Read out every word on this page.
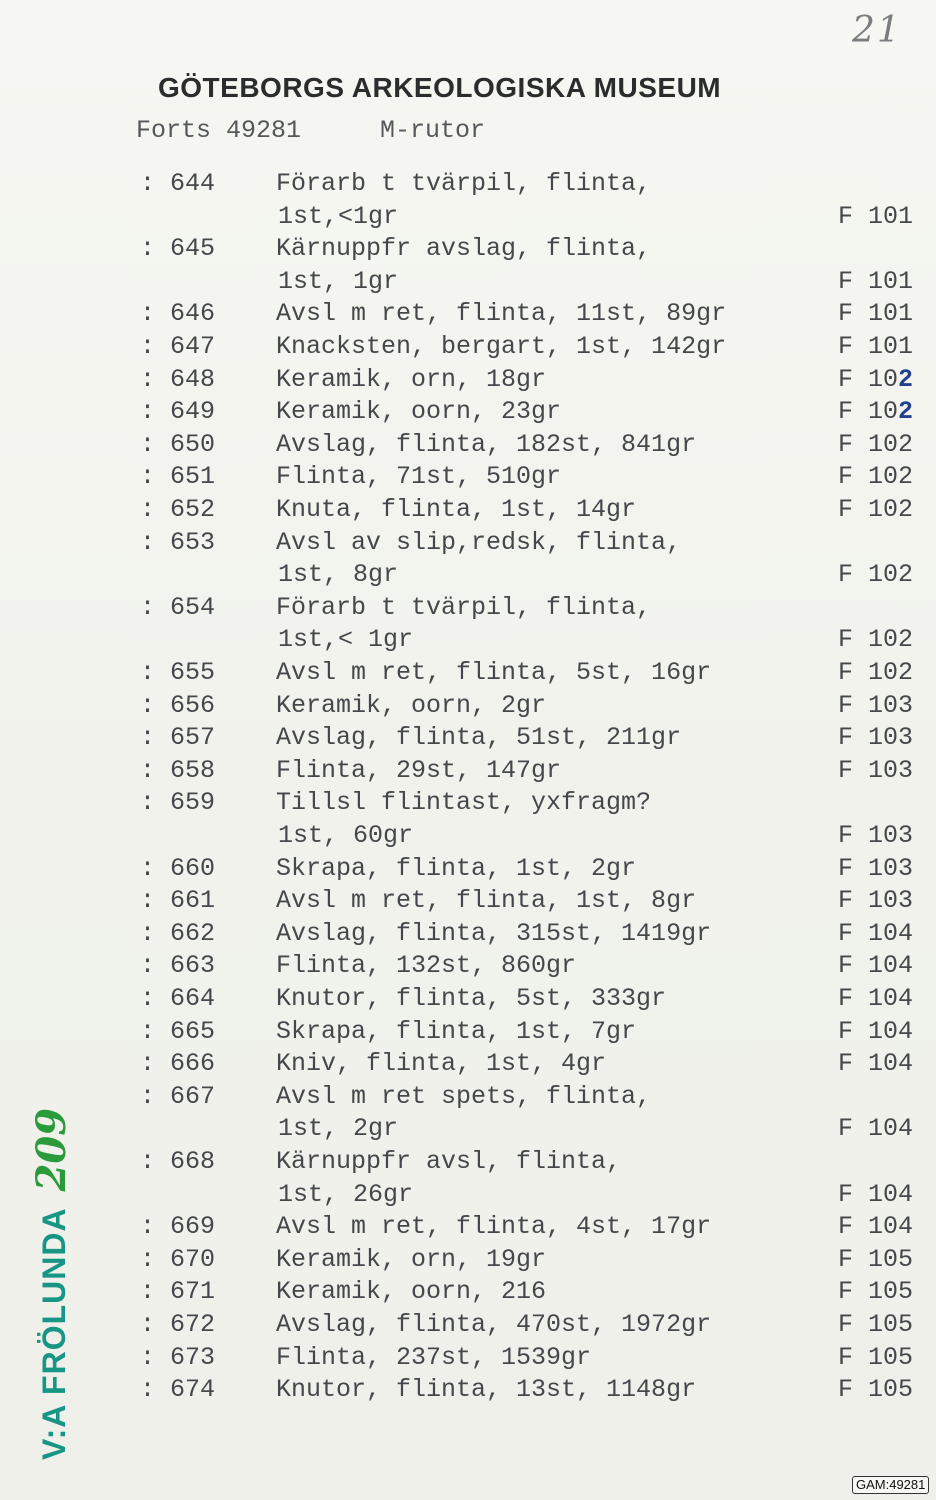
21
GÖTEBORGS ARKEOLOGISKA MUSEUM
Forts 49281	M-rutor
: 644 Förarb t tvärpil, flinta,
1st,<1gr	F 101
: 645 Kärnuppfr avslag, flinta,
1st, 1gr	F 101
: 646 Avsl m ret, flinta, 11st, 89gr	F 101
: 647 Knacksten, bergart, 1st, 142gr	F 101
: 648 Keramik, orn, 18gr	F 102
: 649 Keramik, oorn, 23gr	F 102
: 650 Avslag, flinta, 182st, 841gr	F 102
: 651 Flinta, 71st, 510gr	F 102
: 652 Knuta, flinta, 1st, 14gr	F 102
: 653 Avsl av slip,redsk, flinta,
1st, 8gr	F 102
: 654 Förarb t tvärpil, flinta,
1st,< 1gr	F 102
: 655 Avsl m ret, flinta, 5st, 16gr	F 102
: 656 Keramik, oorn, 2gr	F 103
: 657 Avslag, flinta, 51st, 211gr	F 103
: 658 Flinta, 29st, 147gr	F 103
: 659 Tillsl flintast, yxfragm?
1st, 60gr	F 103
: 660 Skrapa, flinta, 1st, 2gr	F 103
: 661 Avsl m ret, flinta, 1st, 8gr	F 103
: 662 Avslag, flinta, 315st, 1419gr	F 104
: 663 Flinta, 132st, 860gr	F 104
: 664 Knutor, flinta, 5st, 333gr	F 104
: 665 Skrapa, flinta, 1st, 7gr	F 104
: 666 Kniv, flinta, 1st, 4gr	F 104
: 667 Avsl m ret spets, flinta,
1st, 2gr	F 104
: 668 Kärnuppfr avsl, flinta,
1st, 26gr	F 104
: 669 Avsl m ret, flinta, 4st, 17gr	F 104
: 670 Keramik, orn, 19gr	F 105
: 671 Keramik, oorn, 216	F 105
: 672 Avslag, flinta, 470st, 1972gr	F 105
: 673 Flinta, 237st, 1539gr	F 105
: 674 Knutor, flinta, 13st, 1148gr	F 105
V:A FRÖLUNDA209
GAM:49281
